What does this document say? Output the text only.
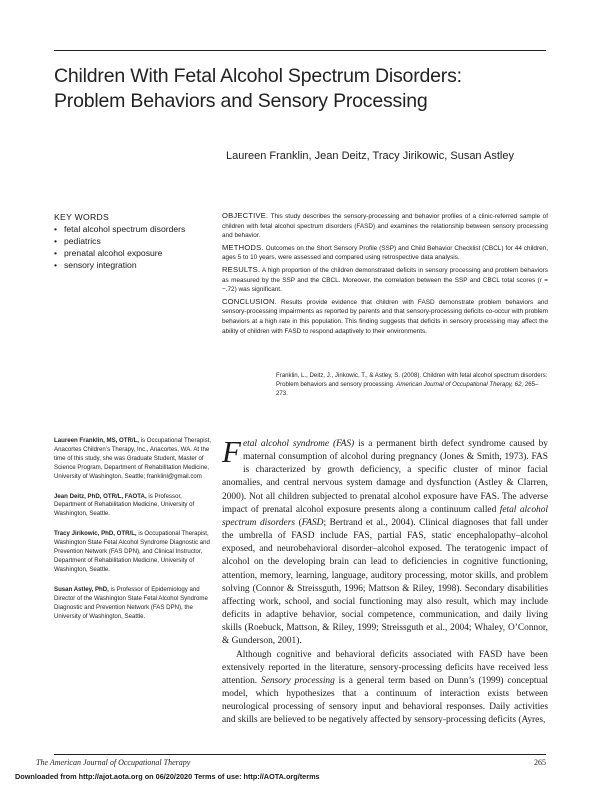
Children With Fetal Alcohol Spectrum Disorders:
Problem Behaviors and Sensory Processing
Laureen Franklin, Jean Deitz, Tracy Jirikowic, Susan Astley
KEY WORDS
• fetal alcohol spectrum disorders
• pediatrics
• prenatal alcohol exposure
• sensory integration

OBJECTIVE. This study describes the sensory-processing and behavior profiles of a clinic-referred sample of children with fetal alcohol spectrum disorders (FASD) and examines the relationship between sensory processing and behavior.

METHODS. Outcomes on the Short Sensory Profile (SSP) and Child Behavior Checklist (CBCL) for 44 children, ages 5 to 10 years, were assessed and compared using retrospective data analysis.

RESULTS. A high proportion of the children demonstrated deficits in sensory processing and problem behaviors as measured by the SSP and the CBCL. Moreover, the correlation between the SSP and CBCL total scores (r = −.72) was significant.

CONCLUSION. Results provide evidence that children with FASD demonstrate problem behaviors and sensory-processing impairments as reported by parents and that sensory-processing deficits co-occur with problem behaviors at a high rate in this population. This finding suggests that deficits in sensory processing may affect the ability of children with FASD to respond adaptively to their environments.

Franklin, L., Deitz, J., Jirikowic, T., & Astley, S. (2008). Children with fetal alcohol spectrum disorders: Problem behaviors and sensory processing. American Journal of Occupational Therapy, 62, 265–273.

Laureen Franklin, MS, OTR/L, is Occupational Therapist, Anacortes Children’s Therapy, Inc., Anacortes, WA. At the time of this study, she was Graduate Student, Master of Science Program, Department of Rehabilitation Medicine, University of Washington, Seattle; franklinl@gmail.com

Jean Deitz, PhD, OTR/L, FAOTA, is Professor, Department of Rehabilitation Medicine, University of Washington, Seattle.

Tracy Jirikowic, PhD, OTR/L, is Occupational Therapist, Washington State Fetal Alcohol Syndrome Diagnostic and Prevention Network (FAS DPN), and Clinical Instructor, Department of Rehabilitation Medicine, University of Washington, Seattle.

Susan Astley, PhD, is Professor of Epidemiology and Director of the Washington State Fetal Alcohol Syndrome Diagnostic and Prevention Network (FAS DPN), the University of Washington, Seattle.

Fetal alcohol syndrome (FAS) is a permanent birth defect syndrome caused by maternal consumption of alcohol during pregnancy (Jones & Smith, 1973). FAS is characterized by growth deficiency, a specific cluster of minor facial anomalies, and central nervous system damage and dysfunction (Astley & Clarren, 2000). Not all children subjected to prenatal alcohol exposure have FAS. The adverse impact of prenatal alcohol exposure presents along a continuum called fetal alcohol spectrum disorders (FASD; Bertrand et al., 2004). Clinical diagnoses that fall under the umbrella of FASD include FAS, partial FAS, static encephalopathy–alcohol exposed, and neurobehavioral disorder–alcohol exposed. The teratogenic impact of alcohol on the developing brain can lead to deficiencies in cognitive functioning, attention, memory, learning, language, auditory processing, motor skills, and problem solving (Connor & Streissguth, 1996; Mattson & Riley, 1998). Secondary disabilities affecting work, school, and social functioning may also result, which may include deficits in adaptive behavior, social competence, communication, and daily living skills (Roebuck, Mattson, & Riley, 1999; Streissguth et al., 2004; Whaley, O’Connor, & Gunderson, 2001).

Although cognitive and behavioral deficits associated with FASD have been extensively reported in the literature, sensory-processing deficits have received less attention. Sensory processing is a general term based on Dunn’s (1999) conceptual model, which hypothesizes that a continuum of interaction exists between neurological processing of sensory input and behavioral responses. Daily activities and skills are believed to be negatively affected by sensory-processing deficits (Ayres,

The American Journal of Occupational Therapy	265
Downloaded from http://ajot.aota.org on 06/20/2020 Terms of use: http://AOTA.org/terms
